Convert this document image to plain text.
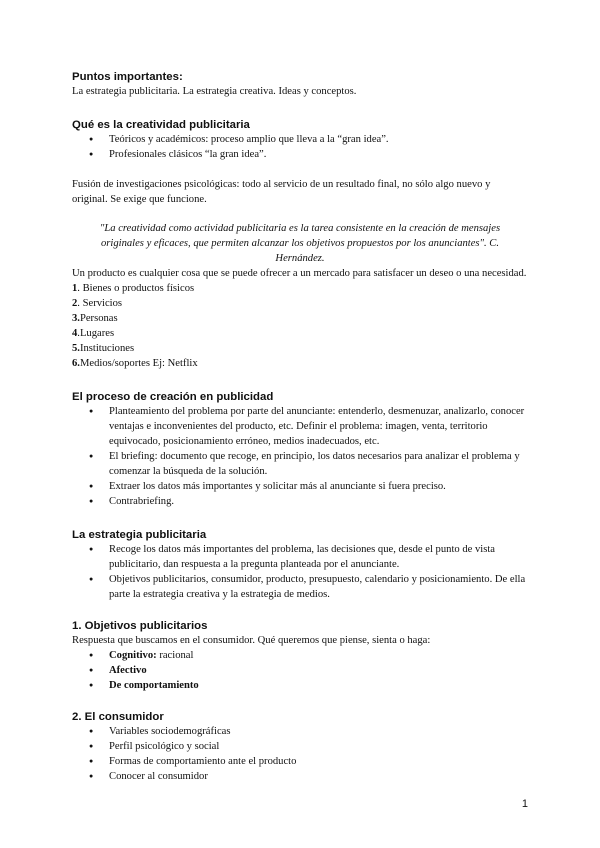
Puntos importantes:

La estrategia publicitaria. La estrategia creativa. Ideas y conceptos.

Qué es la creatividad publicitaria

● Teóricos y académicos: proceso amplio que lleva a la “gran idea”.
● Profesionales clásicos “la gran idea”.

Fusión de investigaciones psicológicas: todo al servicio de un resultado final, no sólo algo nuevo y original. Se exige que funcione.

"La creatividad como actividad publicitaria es la tarea consistente en la creación de mensajes originales y eficaces, que permiten alcanzar los objetivos propuestos por los anunciantes". C. Hernández.

Un producto es cualquier cosa que se puede ofrecer a un mercado para satisfacer un deseo o una necesidad.

1. Bienes o productos físicos

2. Servicios

3.Personas

4.Lugares

5.Instituciones

6.Medios/soportes Ej: Netflix

El proceso de creación en publicidad

● Planteamiento del problema por parte del anunciante: entenderlo, desmenuzar, analizarlo, conocer ventajas e inconvenientes del producto, etc. Definir el problema: imagen, venta, territorio equivocado, posicionamiento erróneo, medios inadecuados, etc.
● El briefing: documento que recoge, en principio, los datos necesarios para analizar el problema y comenzar la búsqueda de la solución.
● Extraer los datos más importantes y solicitar más al anunciante si fuera preciso.
● Contrabriefing.

La estrategia publicitaria

● Recoge los datos más importantes del problema, las decisiones que, desde el punto de vista publicitario, dan respuesta a la pregunta planteada por el anunciante.
● Objetivos publicitarios, consumidor, producto, presupuesto, calendario y posicionamiento. De ella parte la estrategia creativa y la estrategia de medios.

1. Objetivos publicitarios

Respuesta que buscamos en el consumidor. Qué queremos que piense, sienta o haga:

● Cognitivo: racional
● Afectivo
● De comportamiento

2. El consumidor

● Variables sociodemográficas
● Perfil psicológico y social
● Formas de comportamiento ante el producto
● Conocer al consumidor
1
